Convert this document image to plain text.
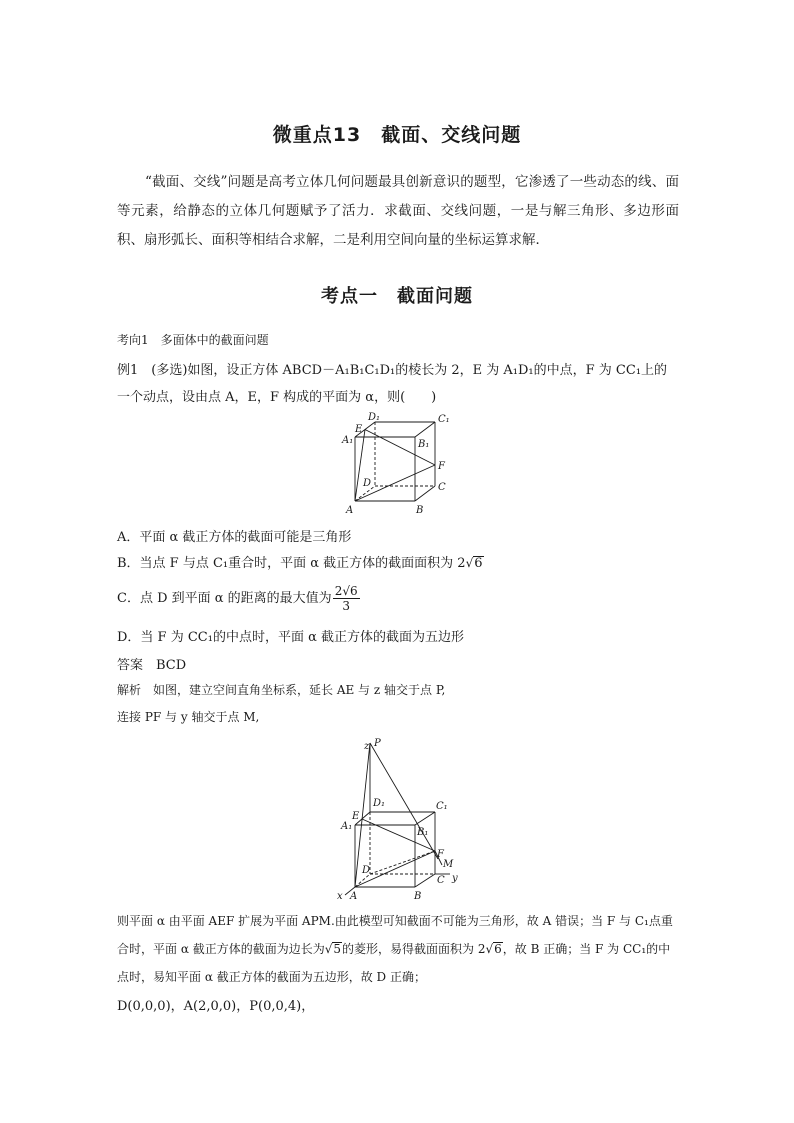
微重点13　截面、交线问题
“截面、交线”问题是高考立体几何问题最具创新意识的题型，它渗透了一些动态的线、面等元素，给静态的立体几何题赋予了活力．求截面、交线问题，一是与解三角形、多边形面积、扇形弧长、面积等相结合求解，二是利用空间向量的坐标运算求解．
考点一　截面问题
考向1　多面体中的截面问题
例1　(多选)如图，设正方体 ABCD－A₁B₁C₁D₁的棱长为 2，E 为 A₁D₁的中点，F 为 CC₁上的
一个动点，设由点 A，E，F 构成的平面为 α，则(　　)
D₁	C₁
A₁
E
B₁
F
D	C
A	B
A．平面 α 截正方体的截面可能是三角形
B．当点 F 与点 C₁重合时，平面 α 截正方体的截面面积为 2√6
C．点 D 到平面 α 的距离的最大值为 $\frac{2√6}{3}$
D．当 F 为 CC₁的中点时，平面 α 截正方体的截面为五边形
答案　BCD
解析　如图，建立空间直角坐标系，延长 AE 与 z 轴交于点 P,
连接 PF 与 y 轴交于点 M,
z P
D₁	C₁
E
A₁
B₁
F
M
D
C y
x A	B
则平面 α 由平面 AEF 扩展为平面 APM.由此模型可知截面不可能为三角形，故 A 错误；当 F 与 C₁点重合时，平面 α 截正方体的截面为边长为√5的菱形，易得截面面积为 2√6，故 B 正确；当 F 为 CC₁的中点时，易知平面 α 截正方体的截面为五边形，故 D 正确；
D(0,0,0)，A(2,0,0)，P(0,0,4)，
